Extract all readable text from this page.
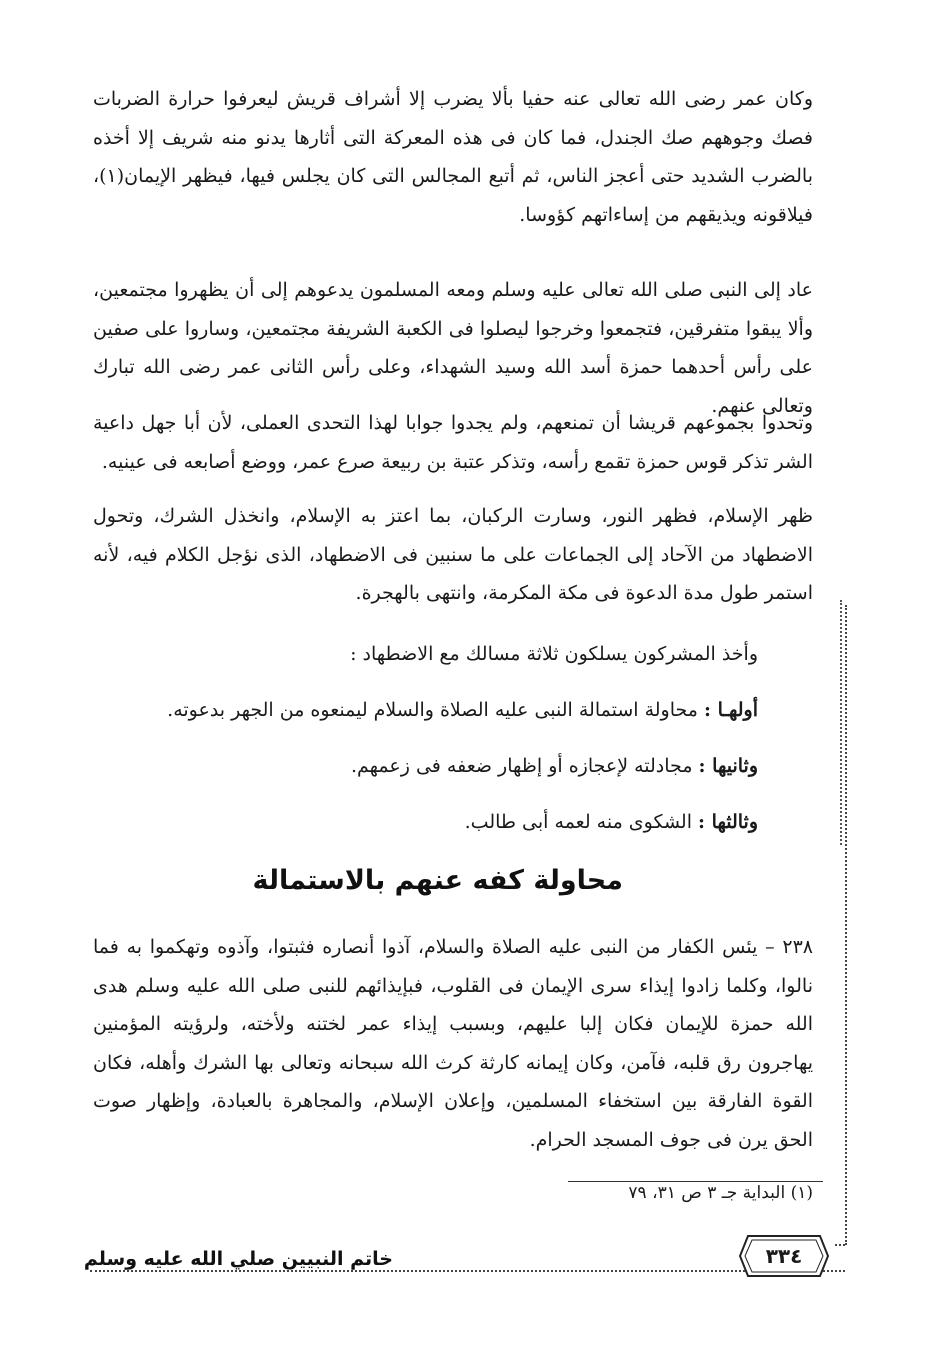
وكان عمر رضى الله تعالى عنه حفيا بألا يضرب إلا أشراف قريش ليعرفوا حرارة الضربات فصك وجوههم صك الجندل، فما كان فى هذه المعركة التى أثارها يدنو منه شريف إلا أخذه بالضرب الشديد حتى أعجز الناس، ثم أتبع المجالس التى كان يجلس فيها، فيظهر الإيمان(١)، فيلاقونه ويذيقهم من إساءاتهم كؤوسا.

عاد إلى النبى صلى الله تعالى عليه وسلم ومعه المسلمون يدعوهم إلى أن يظهروا مجتمعين، وألا يبقوا متفرقين، فتجمعوا وخرجوا ليصلوا فى الكعبة الشريفة مجتمعين، وساروا على صفين على رأس أحدهما حمزة أسد الله وسيد الشهداء، وعلى رأس الثانى عمر رضى الله تبارك وتعالى عنهم.

وتحدوا بجموعهم قريشا أن تمنعهم، ولم يجدوا جوابا لهذا التحدى العملى، لأن أبا جهل داعية الشر تذكر قوس حمزة تقمع رأسه، وتذكر عتبة بن ربيعة صرع عمر، ووضع أصابعه فى عينيه.

ظهر الإسلام، فظهر النور، وسارت الركبان، بما اعتز به الإسلام، وانخذل الشرك، وتحول الاضطهاد من الآحاد إلى الجماعات على ما سنبين فى الاضطهاد، الذى نؤجل الكلام فيه، لأنه استمر طول مدة الدعوة فى مكة المكرمة، وانتهى بالهجرة.

وأخذ المشركون يسلكون ثلاثة مسالك مع الاضطهاد :
أولهـا : محاولة استمالة النبى عليه الصلاة والسلام ليمنعوه من الجهر بدعوته.
وثانيها : مجادلته لإعجازه أو إظهار ضعفه فى زعمهم.
وثالثها : الشكوى منه لعمه أبى طالب.
محاولة كفه عنهم بالاستمالة

٢٣٨ – يئس الكفار من النبى عليه الصلاة والسلام، آذوا أنصاره فثبتوا، وآذوه وتهكموا به فما نالوا، وكلما زادوا إيذاء سرى الإيمان فى القلوب، فبإيذائهم للنبى صلى الله عليه وسلم هدى الله حمزة للإيمان فكان إلبا عليهم، وبسبب إيذاء عمر لختنه ولأخته، ولرؤيته المؤمنين يهاجرون رق قلبه، فآمن، وكان إيمانه كارثة كرث الله سبحانه وتعالى بها الشرك وأهله، فكان القوة الفارقة بين استخفاء المسلمين، وإعلان الإسلام، والمجاهرة بالعبادة، وإظهار صوت الحق يرن فى جوف المسجد الحرام.

(١) البداية جـ ٣ ص ٣١، ٧٩

خاتم النبيين صلي الله عليه وسلم	٣٣٤
